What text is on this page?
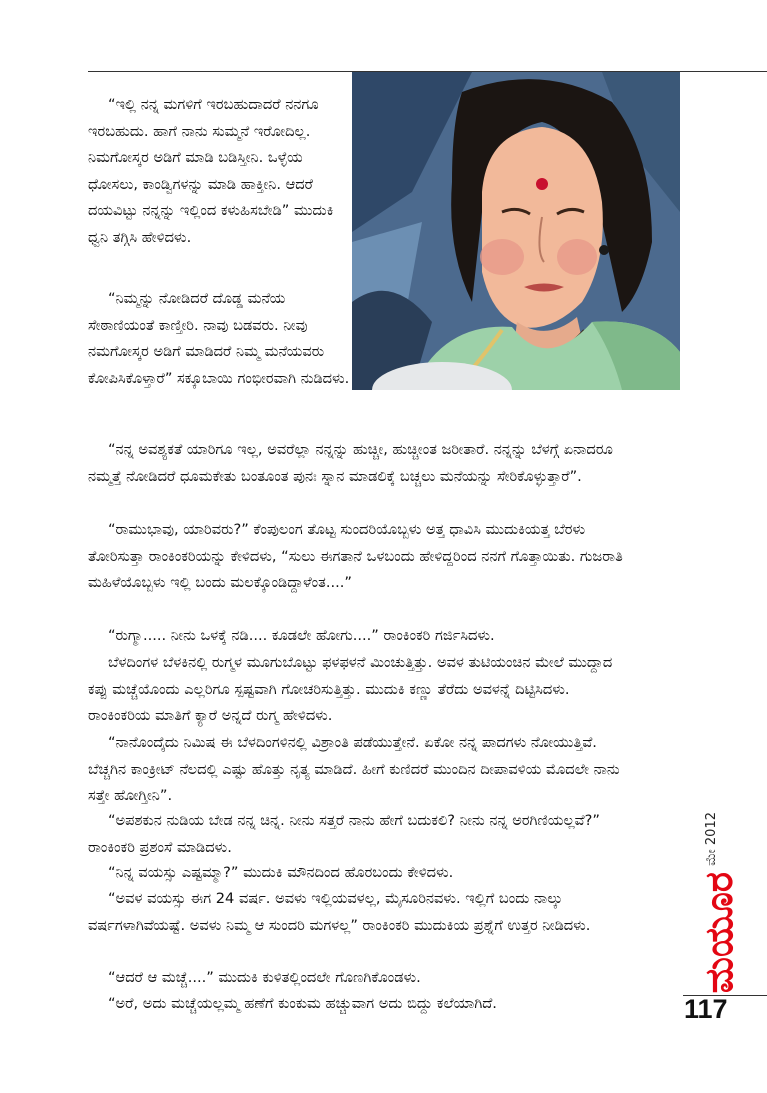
“ಇಲ್ಲಿ ನನ್ನ ಮಗಳಿಗೆ ಇರಬಹುದಾದರೆ ನನಗೂ ಇರಬಹುದು. ಹಾಗೆ ನಾನು ಸುಮ್ಮನೆ ಇರೋದಿಲ್ಲ. ನಿಮಗೋಸ್ಕರ ಅಡಿಗೆ ಮಾಡಿ ಬಡಿಸ್ತೀನಿ. ಒಳ್ಳೆಯ ಧೋಸಲು, ಕಾಂಡ್ವಿಗಳನ್ನು ಮಾಡಿ ಹಾಕ್ತೀನಿ. ಆದರೆ ದಯವಿಟ್ಟು ನನ್ನನ್ನು ಇಲ್ಲಿಂದ ಕಳುಹಿಸಬೇಡಿ” ಮುದುಕಿ ಧ್ವನಿ ತಗ್ಗಿಸಿ ಹೇಳಿದಳು.

“ನಿಮ್ಮನ್ನು ನೋಡಿದರೆ ದೊಡ್ಡ ಮನೆಯ ಸೇಠಾಣಿಯಂತೆ ಕಾಣ್ತೀರಿ. ನಾವು ಬಡವರು. ನೀವು ನಮಗೋಸ್ಕರ ಅಡಿಗೆ ಮಾಡಿದರೆ ನಿಮ್ಮ ಮನೆಯವರು ಕೋಪಿಸಿಕೊಳ್ತಾರೆ” ಸಕ್ಕೂಬಾಯಿ ಗಂಭೀರವಾಗಿ ನುಡಿದಳು.

“ನನ್ನ ಅವಶ್ಯಕತೆ ಯಾರಿಗೂ ಇಲ್ಲ, ಅವರೆಲ್ಲಾ ನನ್ನನ್ನು ಹುಚ್ಚೀ, ಹುಚ್ಚೀಂತ ಜರೀತಾರೆ. ನನ್ನನ್ನು ಬೆಳಗ್ಗೆ ಏನಾದರೂ ನಮ್ಮತ್ತೆ ನೋಡಿದರೆ ಧೂಮಕೇತು ಬಂತೂಂತ ಪುನಃ ಸ್ನಾನ ಮಾಡಲಿಕ್ಕೆ ಬಚ್ಚಲು ಮನೆಯನ್ನು ಸೇರಿಕೊಳ್ಳುತ್ತಾರೆ”.

“ರಾಮುಭಾವು, ಯಾರಿವರು?” ಕೆಂಪುಲಂಗ ತೊಟ್ಟ ಸುಂದರಿಯೊಬ್ಬಳು ಅತ್ತ ಧಾವಿಸಿ ಮುದುಕಿಯತ್ತ ಬೆರಳು ತೋರಿಸುತ್ತಾ ರಾಂಕಿಂಕರಿಯನ್ನು ಕೇಳಿದಳು, “ಸುಲು ಈಗತಾನೆ ಒಳಬಂದು ಹೇಳಿದ್ದರಿಂದ ನನಗೆ ಗೊತ್ತಾಯಿತು. ಗುಜರಾತಿ ಮಹಿಳೆಯೊಬ್ಬಳು ಇಲ್ಲಿ ಬಂದು ಮಲಕ್ಕೊಂಡಿದ್ದಾಳೆಂತ....”

“ರುಗ್ಮಾ..... ನೀನು ಒಳಕ್ಕೆ ನಡಿ.... ಕೂಡಲೇ ಹೋಗು....” ರಾಂಕಿಂಕರಿ ಗರ್ಜಿಸಿದಳು.

ಬೆಳದಿಂಗಳ ಬೆಳಕಿನಲ್ಲಿ ರುಗ್ಮಳ ಮೂಗುಬೊಟ್ಟು ಫಳಫಳನೆ ಮಿಂಚುತ್ತಿತ್ತು. ಅವಳ ತುಟಿಯಂಚಿನ ಮೇಲೆ ಮುದ್ದಾದ ಕಪ್ಪು ಮಚ್ಚೆಯೊಂದು ಎಲ್ಲರಿಗೂ ಸ್ಪಷ್ಟವಾಗಿ ಗೋಚರಿಸುತ್ತಿತ್ತು. ಮುದುಕಿ ಕಣ್ಣು ತೆರೆದು ಅವಳನ್ನೆ ದಿಟ್ಟಿಸಿದಳು. ರಾಂಕಿಂಕರಿಯ ಮಾತಿಗೆ ಕ್ಯಾರೆ ಅನ್ನದೆ ರುಗ್ಮ ಹೇಳಿದಳು.

“ನಾನೊಂದೈದು ನಿಮಿಷ ಈ ಬೆಳದಿಂಗಳಿನಲ್ಲಿ ವಿಶ್ರಾಂತಿ ಪಡೆಯುತ್ತೇನೆ. ಏಕೋ ನನ್ನ ಪಾದಗಳು ನೋಯುತ್ತಿವೆ. ಬೆಚ್ಚಗಿನ ಕಾಂಕ್ರೀಟ್ ನೆಲದಲ್ಲಿ ಎಷ್ಟು ಹೊತ್ತು ನೃತ್ಯ ಮಾಡಿದೆ. ಹೀಗೆ ಕುಣಿದರೆ ಮುಂದಿನ ದೀಪಾವಳಿಯ ಮೊದಲೇ ನಾನು ಸತ್ತೇ ಹೋಗ್ತೀನಿ”.

“ಅಪಶಕುನ ನುಡಿಯ ಬೇಡ ನನ್ನ ಚಿನ್ನ. ನೀನು ಸತ್ತರೆ ನಾನು ಹೇಗೆ ಬದುಕಲಿ? ನೀನು ನನ್ನ ಅರಗಿಣಿಯಲ್ಲವೆ?” ರಾಂಕಿಂಕರಿ ಪ್ರಶಂಸೆ ಮಾಡಿದಳು.

“ನಿನ್ನ ವಯಸ್ಸು ಎಷ್ಟಮ್ಮಾ?” ಮುದುಕಿ ಮೌನದಿಂದ ಹೊರಬಂದು ಕೇಳಿದಳು.

“ಅವಳ ವಯಸ್ಸು ಈಗ 24 ವರ್ಷ. ಅವಳು ಇಲ್ಲಿಯವಳಲ್ಲ, ಮೈಸೂರಿನವಳು. ಇಲ್ಲಿಗೆ ಬಂದು ನಾಲ್ಕು ವರ್ಷಗಳಾಗಿವೆಯಷ್ಟೆ. ಅವಳು ನಿಮ್ಮ ಆ ಸುಂದರಿ ಮಗಳಲ್ಲ” ರಾಂಕಿಂಕರಿ ಮುದುಕಿಯ ಪ್ರಶ್ನೆಗೆ ಉತ್ತರ ನೀಡಿದಳು.

“ಆದರೆ ಆ ಮಚ್ಚೆ....” ಮುದುಕಿ ಕುಳಿತಲ್ಲಿಂದಲೇ ಗೊಣಗಿಕೊಂಡಳು.

“ಅರೆ, ಅದು ಮಚ್ಚೆಯಲ್ಲಮ್ಮ ಹಣೆಗೆ ಕುಂಕುಮ ಹಚ್ಚುವಾಗ ಅದು ಬಿದ್ದು ಕಲೆಯಾಗಿದೆ.

ಮೇ 2012
ಮಯೂರ
117
